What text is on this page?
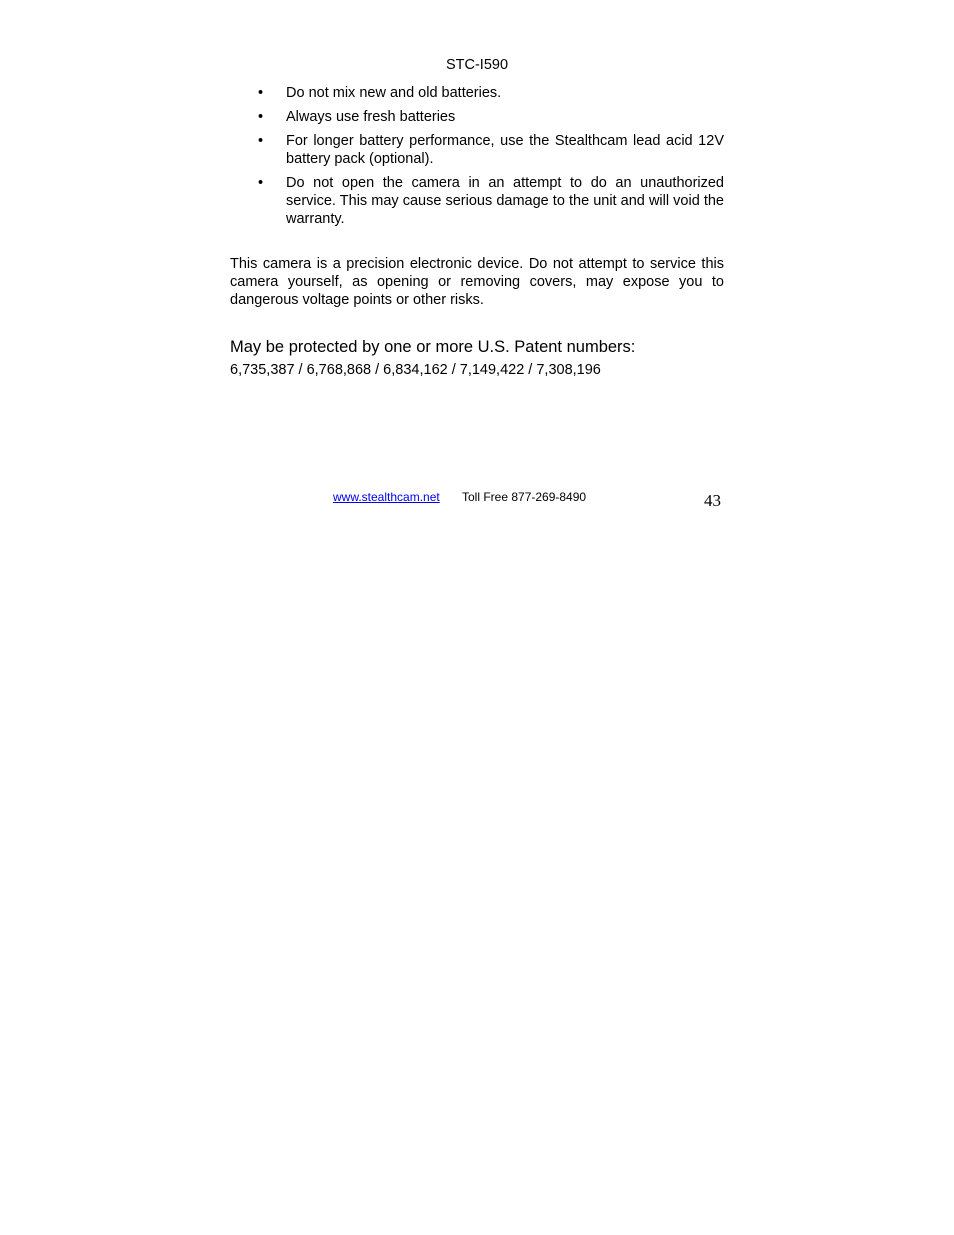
STC-I590
•	Do not mix new and old batteries.
•	Always use fresh batteries
•	For longer battery performance, use the Stealthcam lead acid 12V battery pack (optional).
•	Do not open the camera in an attempt to do an unauthorized service. This may cause serious damage to the unit and will void the warranty.

This camera is a precision electronic device. Do not attempt to service this camera yourself, as opening or removing covers, may expose you to dangerous voltage points or other risks.

May be protected by one or more U.S. Patent numbers:

6,735,387 / 6,768,868 / 6,834,162 / 7,149,422 / 7,308,196

www.stealthcam.net Toll Free 877-269-8490	43
